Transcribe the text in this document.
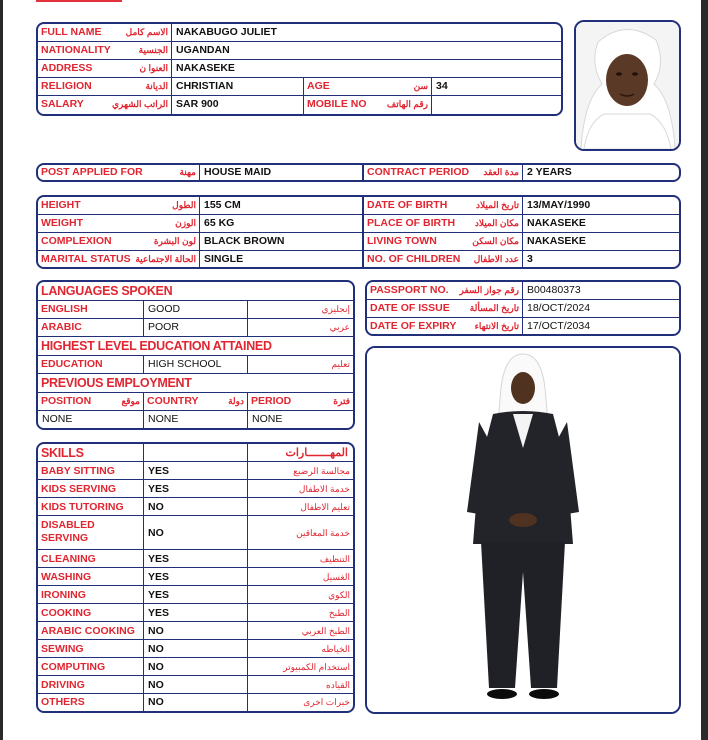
FULL NAME	الاسم كامل NAKABUGO JULIET
NATIONALITY	الجنسية UGANDAN
ADDRESS	العنوا ن NAKASEKE
RELIGION	الديانة CHRISTIAN	AGE	سن 34
SALARY	الراتب الشهري SAR 900	MOBILE NO رقم الهاتف
POST APPLIED FOR	مهنة HOUSE MAID	CONTRACT PERIOD مدة العقد 2 YEARS
HEIGHT	الطول 155 CM	DATE OF BIRTH	تاريخ الميلاد 13/MAY/1990
WEIGHT	الوزن 65 KG	PLACE OF BIRTH مكان الميلاد NAKASEKE
COMPLEXION	لون البشرة BLACK BROWN	LIVING TOWN	مكان السكن NAKASEKE
MARITAL STATUS الحالة الاجتماعية SINGLE	NO. OF CHILDREN عدد الاطفال 3
LANGUAGES SPOKEN
ENGLISH	GOOD	إنجليزي
ARABIC	POOR	عربي
HIGHEST LEVEL EDUCATION ATTAINED
EDUCATION	HIGH SCHOOL	تعليم
PREVIOUS EMPLOYMENT
POSITION	موقع COUNTRY	دولة PERIOD	فترة
NONE	NONE	NONE
PASSPORT NO. رقم جواز السفر B00480373
DATE OF ISSUE تاريخ المسألة 18/OCT/2024
DATE OF EXPIRY تاريخ الانتهاء 17/OCT/2034
SKILLS	المهـــــــارات
BABY SITTING	YES	مجالسة الرضيع
KIDS SERVING	YES	خدمة الاطفال
KIDS TUTORING	NO	تعليم الاطفال
DISABLED SERVING	NO	خدمة المعاقين
CLEANING	YES	التنظيف
WASHING	YES	الغسيل
IRONING	YES	الكوي
COOKING	YES	الطبخ
ARABIC COOKING	NO	الطبخ العربي
SEWING	NO	الخياطه
COMPUTING	NO	استخدام الكمبيوتر
DRIVING	NO	القياده
OTHERS	NO	خبرات اخرى
